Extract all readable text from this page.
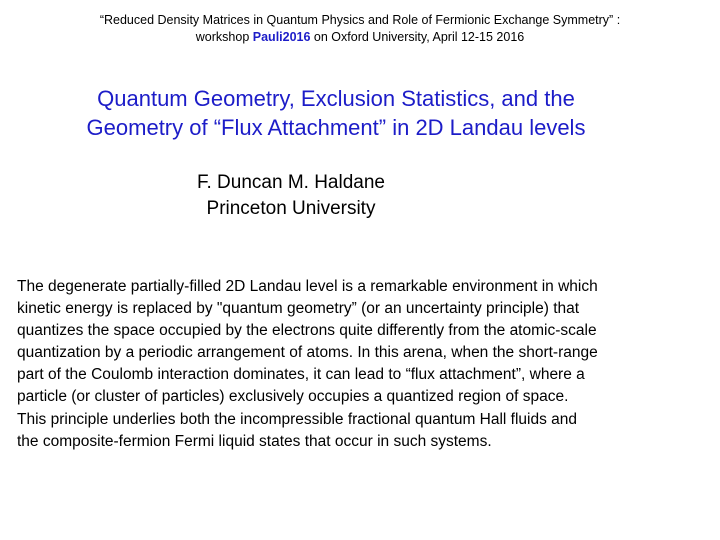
“Reduced Density Matrices in Quantum Physics and Role of Fermionic Exchange Symmetry” :
workshop Pauli2016 on Oxford University, April 12-15 2016
Quantum Geometry, Exclusion Statistics, and the
Geometry of “Flux Attachment” in 2D Landau levels
F. Duncan M. Haldane
Princeton University
The degenerate partially-filled 2D Landau level is a remarkable environment in which
kinetic energy is replaced by "quantum geometry” (or an uncertainty principle) that
quantizes the space occupied by the electrons quite differently from the atomic-scale
quantization by a periodic arrangement of atoms. In this arena, when the short-range
part of the Coulomb interaction dominates, it can lead to “flux attachment”, where a
particle (or cluster of particles) exclusively occupies a quantized region of space.
This principle underlies both the incompressible fractional quantum Hall fluids and
the composite-fermion Fermi liquid states that occur in such systems.
